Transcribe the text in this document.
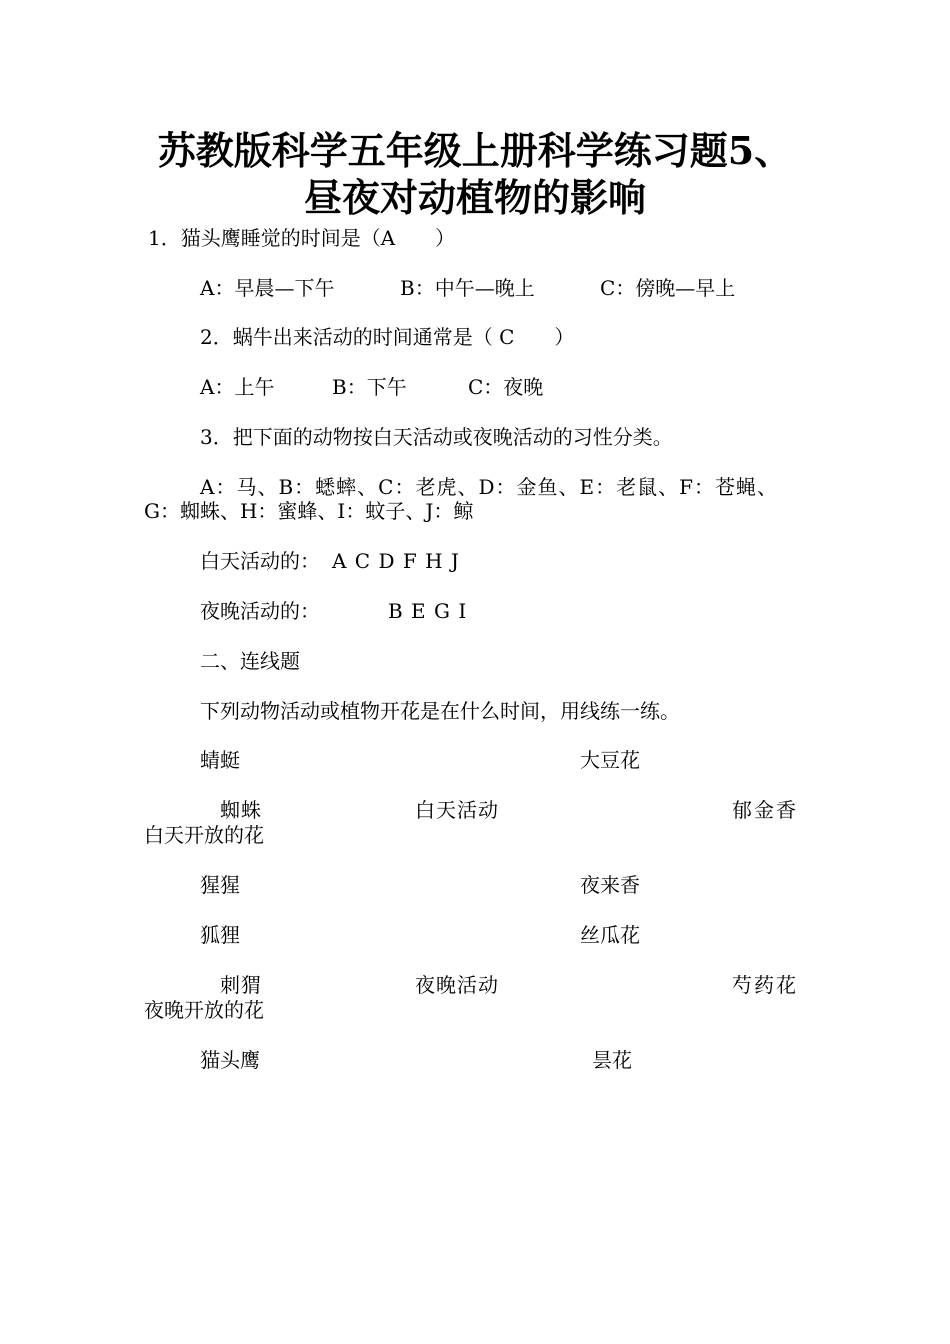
苏教版科学五年级上册科学练习题5、
昼夜对动植物的影响
1．猫头鹰睡觉的时间是（A　　）
A：早晨—下午	B：中午—晚上	C：傍晚—早上
2．蜗牛出来活动的时间通常是（ C　　）
A：上午	B：下午	C：夜晚
3．把下面的动物按白天活动或夜晚活动的习性分类。
A：马、B：蟋蟀、C：老虎、D：金鱼、E：老鼠、F：苍蝇、
G：蜘蛛、H：蜜蜂、I：蚊子、J：鲸
白天活动的： A C D F H J
夜晚活动的：	B E G I
二、连线题
下列动物活动或植物开花是在什么时间，用线练一练。
蜻蜓	大豆花
蜘蛛	白天活动	郁金香
白天开放的花
猩猩	夜来香
狐狸	丝瓜花
刺猬	夜晚活动	芍药花
夜晚开放的花
猫头鹰	昙花
